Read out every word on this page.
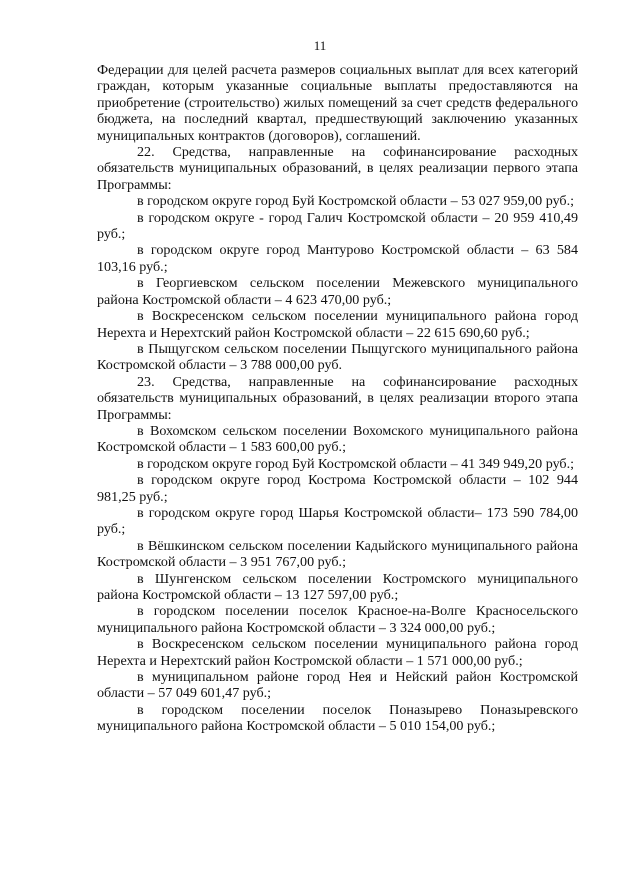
11

Федерации для целей расчета размеров социальных выплат для всех категорий граждан, которым указанные социальные выплаты предоставляются на приобретение (строительство) жилых помещений за счет средств федерального бюджета, на последний квартал, предшествующий заключению указанных муниципальных контрактов (договоров), соглашений.

22. Средства, направленные на софинансирование расходных обязательств муниципальных образований, в целях реализации первого этапа Программы:

в городском округе город Буй Костромской области – 53 027 959,00 руб.;

в городском округе - город Галич Костромской области – 20 959 410,49 руб.;

в городском округе город Мантурово Костромской области – 63 584 103,16 руб.;

в Георгиевском сельском поселении Межевского муниципального района Костромской области – 4 623 470,00 руб.;

в Воскресенском сельском поселении муниципального района город Нерехта и Нерехтский район Костромской области – 22 615 690,60 руб.;

в Пыщугском сельском поселении Пыщугского муниципального района Костромской области – 3 788 000,00 руб.

23. Средства, направленные на софинансирование расходных обязательств муниципальных образований, в целях реализации второго этапа Программы:

в Вохомском сельском поселении Вохомского муниципального района Костромской области – 1 583 600,00 руб.;

в городском округе город Буй Костромской области – 41 349 949,20 руб.;

в городском округе город Кострома Костромской области – 102 944 981,25 руб.;

в городском округе город Шарья Костромской области– 173 590 784,00 руб.;

в Вёшкинском сельском поселении Кадыйского муниципального района Костромской области – 3 951 767,00 руб.;

в Шунгенском сельском поселении Костромского муниципального района Костромской области – 13 127 597,00 руб.;

в городском поселении поселок Красное-на-Волге Красносельского муниципального района Костромской области – 3 324 000,00 руб.;

в Воскресенском сельском поселении муниципального района город Нерехта и Нерехтский район Костромской области – 1 571 000,00 руб.;

в муниципальном районе город Нея и Нейский район Костромской области – 57 049 601,47 руб.;

в городском поселении поселок Поназырево Поназыревского муниципального района Костромской области – 5 010 154,00 руб.;
